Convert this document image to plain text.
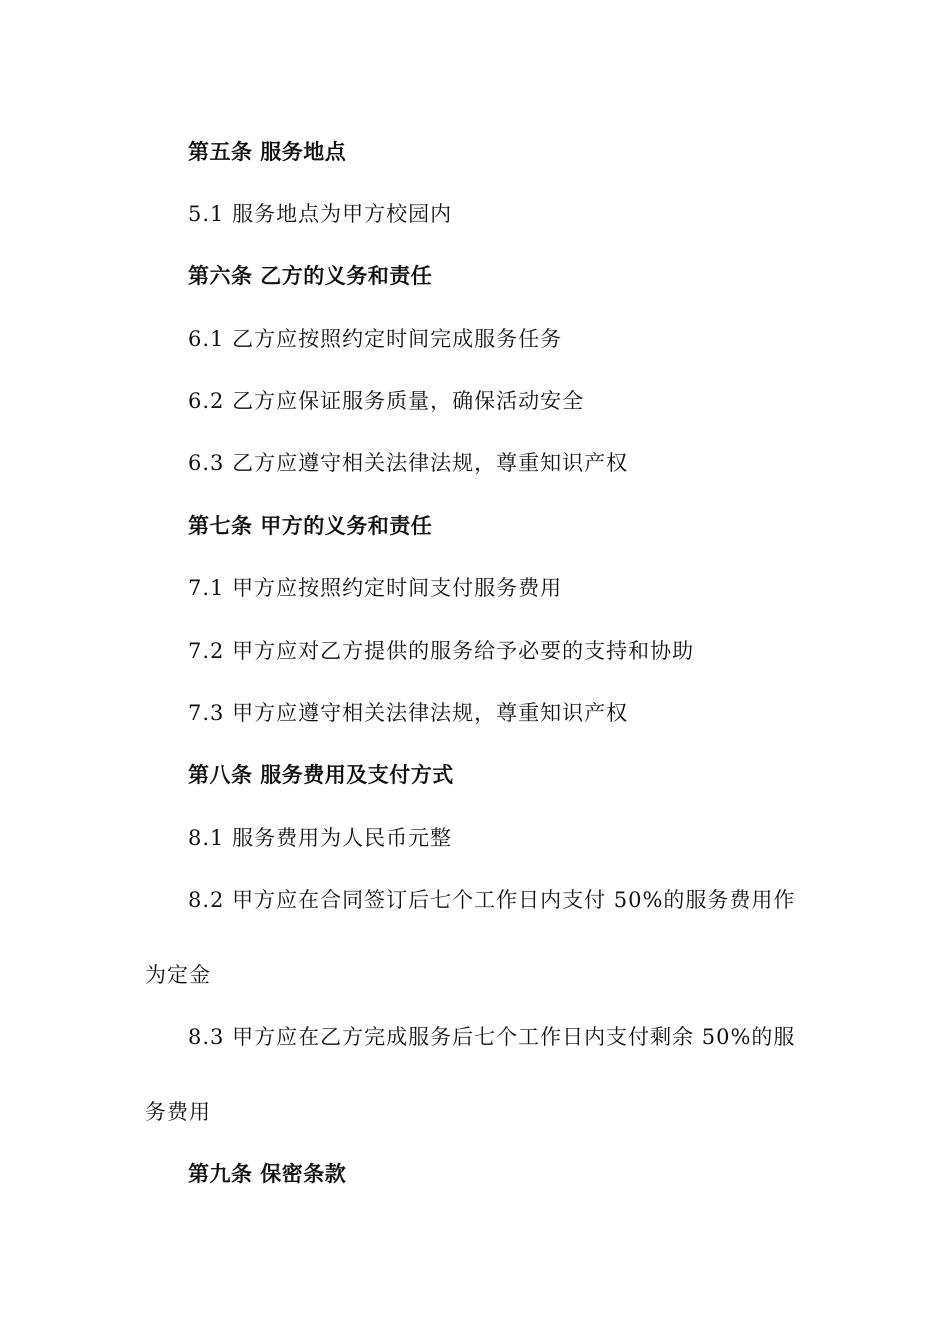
第五条 服务地点
5.1 服务地点为甲方校园内
第六条 乙方的义务和责任
6.1 乙方应按照约定时间完成服务任务
6.2 乙方应保证服务质量，确保活动安全
6.3 乙方应遵守相关法律法规，尊重知识产权
第七条 甲方的义务和责任
7.1 甲方应按照约定时间支付服务费用
7.2 甲方应对乙方提供的服务给予必要的支持和协助
7.3 甲方应遵守相关法律法规，尊重知识产权
第八条 服务费用及支付方式
8.1 服务费用为人民币元整
8.2 甲方应在合同签订后七个工作日内支付 50%的服务费用作
为定金
8.3 甲方应在乙方完成服务后七个工作日内支付剩余 50%的服
务费用
第九条 保密条款
